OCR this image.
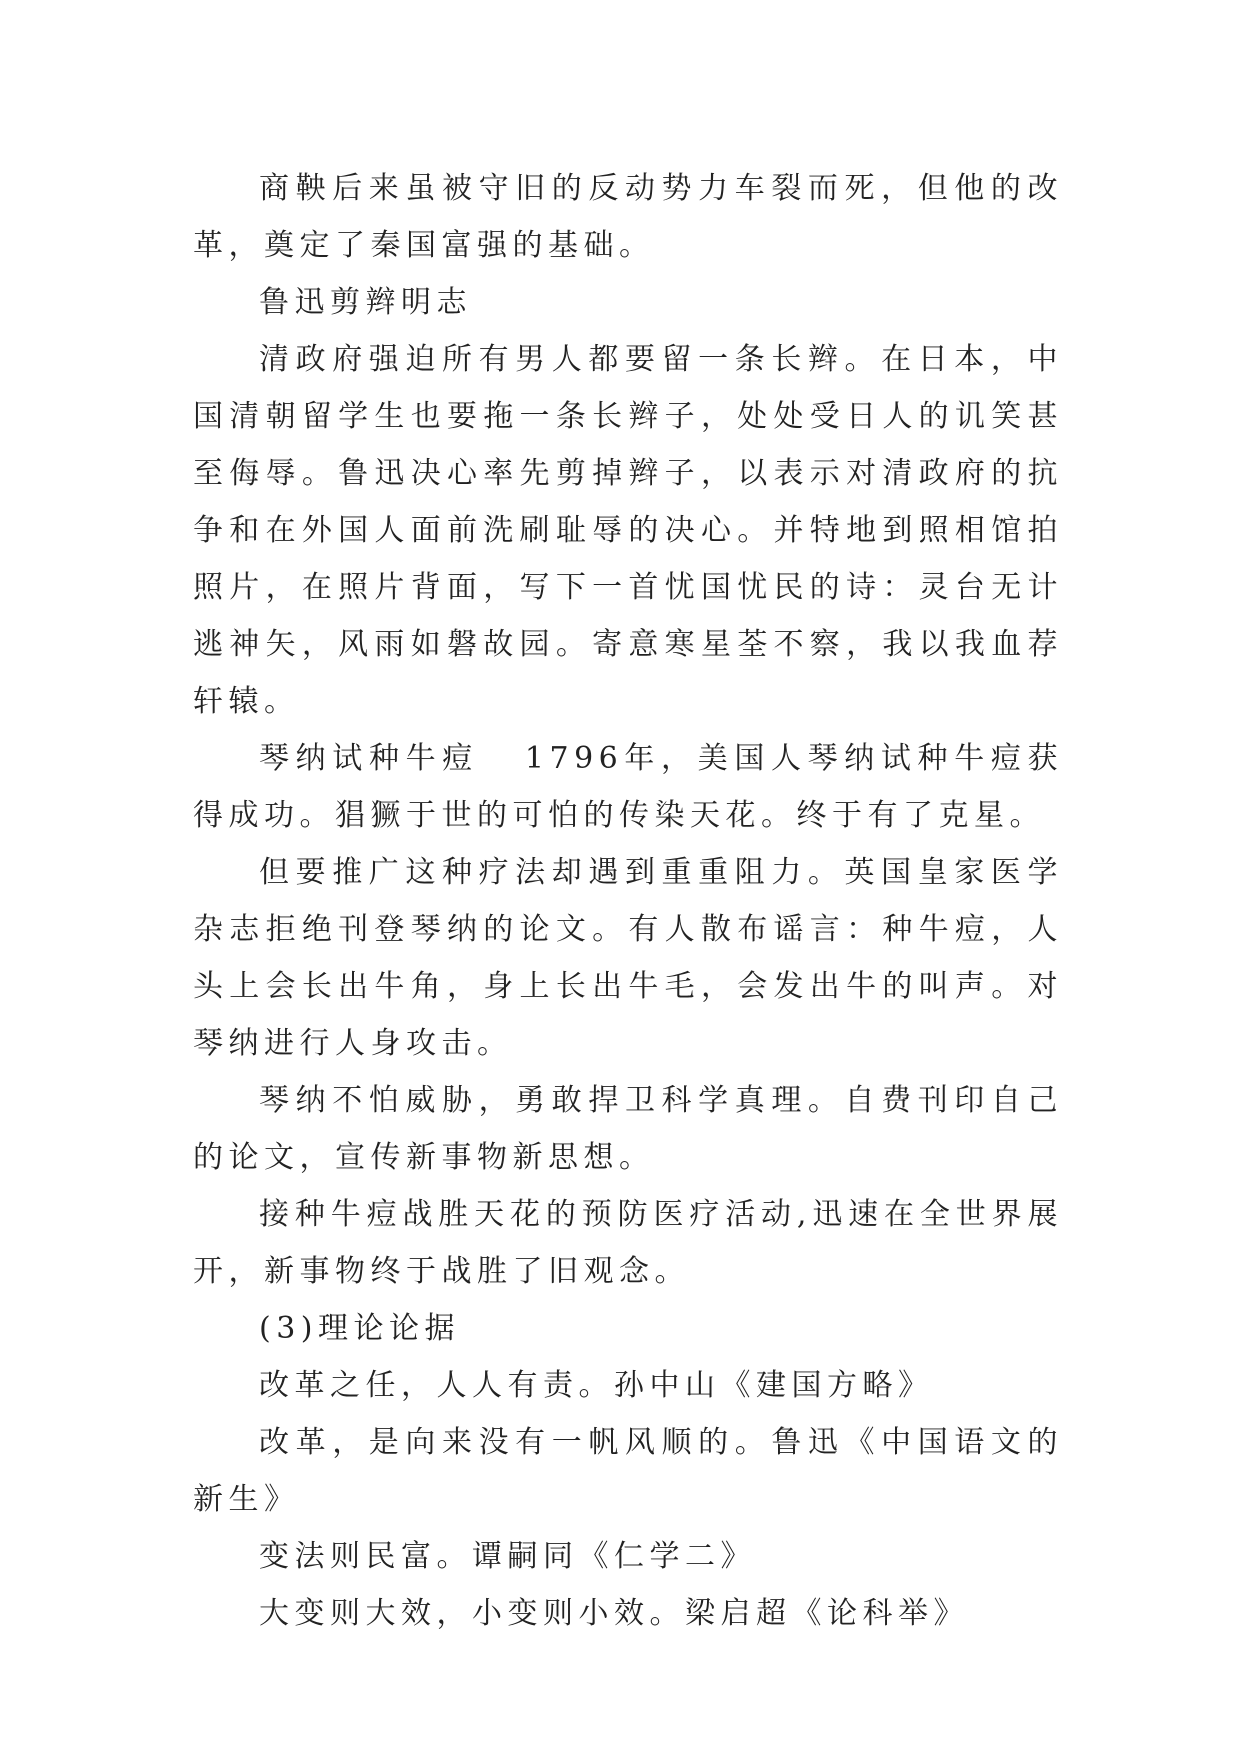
商鞅后来虽被守旧的反动势力车裂而死，但他的改革，奠定了秦国富强的基础。

鲁迅剪辫明志

清政府强迫所有男人都要留一条长辫。在日本，中国清朝留学生也要拖一条长辫子，处处受日人的讥笑甚至侮辱。鲁迅决心率先剪掉辫子，以表示对清政府的抗争和在外国人面前洗刷耻辱的决心。并特地到照相馆拍照片，在照片背面，写下一首忧国忧民的诗：灵台无计逃神矢，风雨如磐故园。寄意寒星荃不察，我以我血荐轩辕。

琴纳试种牛痘 1796年，美国人琴纳试种牛痘获得成功。猖獗于世的可怕的传染天花。终于有了克星。

但要推广这种疗法却遇到重重阻力。英国皇家医学杂志拒绝刊登琴纳的论文。有人散布谣言：种牛痘，人头上会长出牛角，身上长出牛毛，会发出牛的叫声。对琴纳进行人身攻击。

琴纳不怕威胁，勇敢捍卫科学真理。自费刊印自己的论文，宣传新事物新思想。

接种牛痘战胜天花的预防医疗活动,迅速在全世界展开，新事物终于战胜了旧观念。

(3)理论论据

改革之任，人人有责。孙中山《建国方略》

改革，是向来没有一帆风顺的。鲁迅《中国语文的新生》

变法则民富。谭嗣同《仁学二》

大变则大效，小变则小效。梁启超《论科举》
